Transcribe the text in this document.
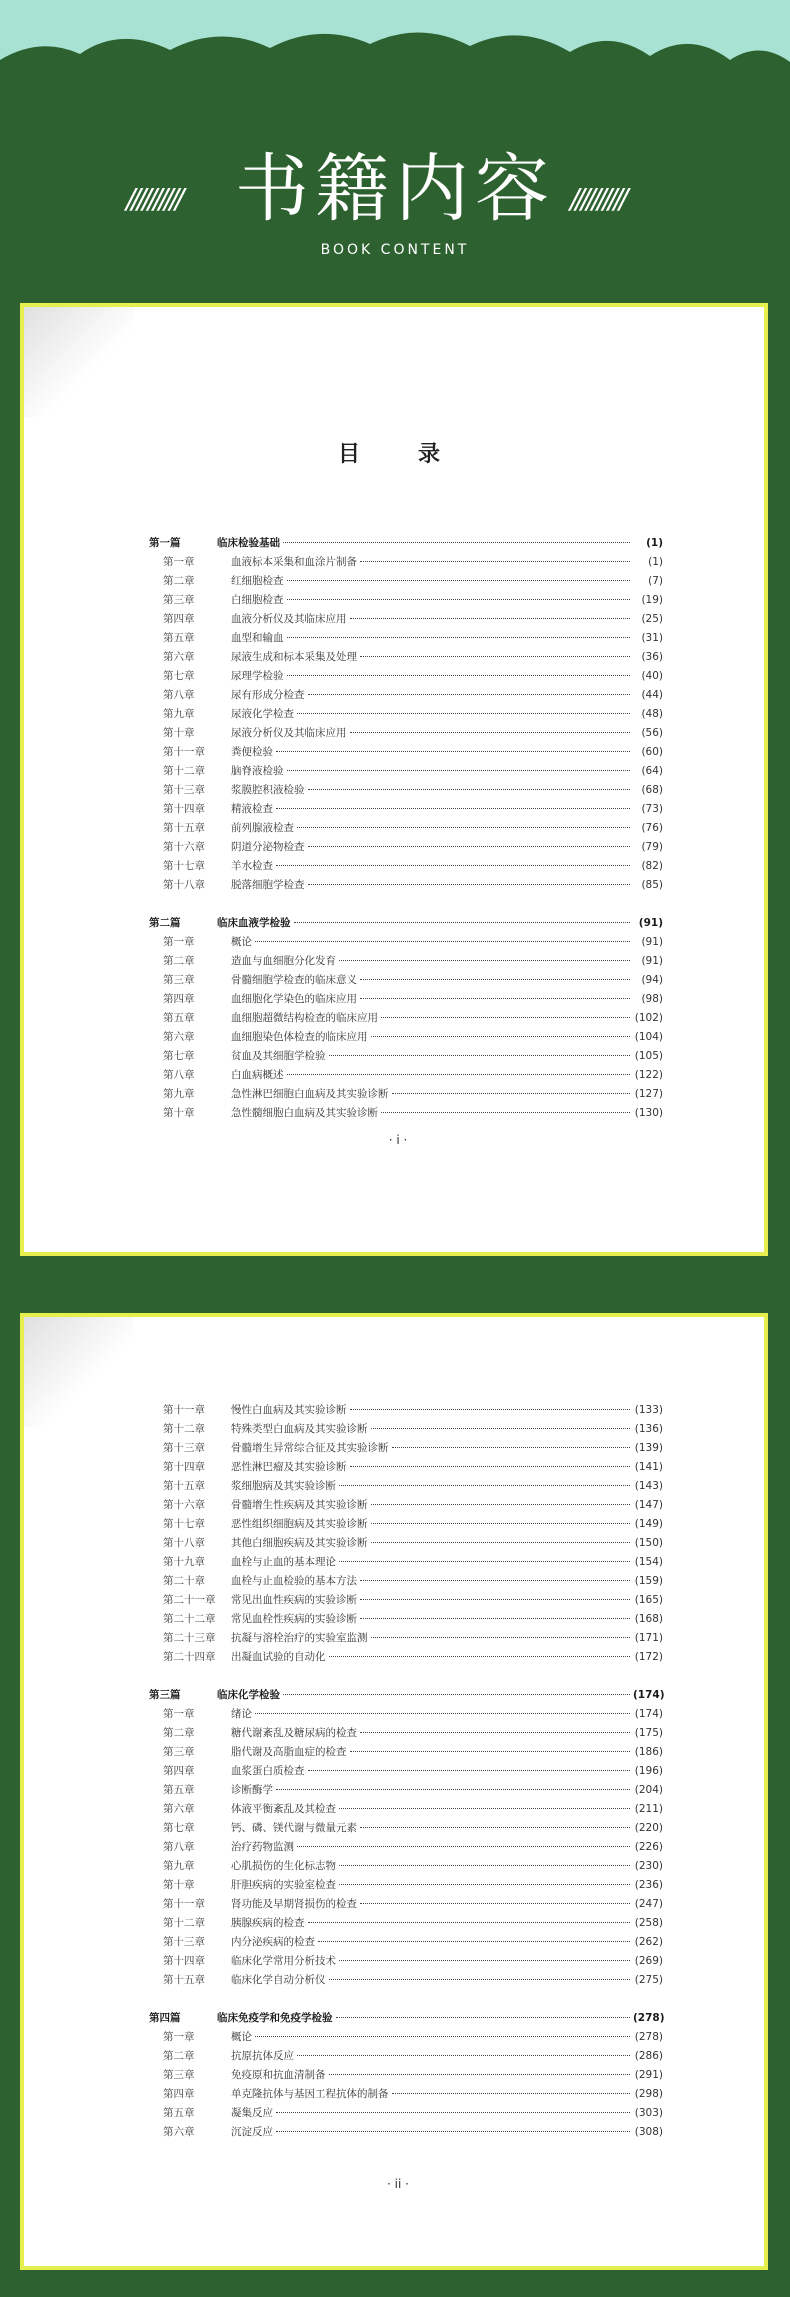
////////// 书籍内容 //////////
BOOK CONTENT
目　录
第一篇	临床检验基础	(1)
第一章	血液标本采集和血涂片制备	(1)
第二章	红细胞检查	(7)
第三章	白细胞检查	(19)
第四章	血液分析仪及其临床应用	(25)
第五章	血型和输血	(31)
第六章	尿液生成和标本采集及处理	(36)
第七章	尿理学检验	(40)
第八章	尿有形成分检查	(44)
第九章	尿液化学检查	(48)
第十章	尿液分析仪及其临床应用	(56)
第十一章	粪便检验	(60)
第十二章	脑脊液检验	(64)
第十三章	浆膜腔积液检验	(68)
第十四章	精液检查	(73)
第十五章	前列腺液检查	(76)
第十六章	阴道分泌物检查	(79)
第十七章	羊水检查	(82)
第十八章	脱落细胞学检查	(85)
第二篇	临床血液学检验	(91)
第一章	概论	(91)
第二章	造血与血细胞分化发育	(91)
第三章	骨髓细胞学检查的临床意义	(94)
第四章	血细胞化学染色的临床应用	(98)
第五章	血细胞超微结构检查的临床应用	(102)
第六章	血细胞染色体检查的临床应用	(104)
第七章	贫血及其细胞学检验	(105)
第八章	白血病概述	(122)
第九章	急性淋巴细胞白血病及其实验诊断	(127)
第十章	急性髓细胞白血病及其实验诊断	(130)
· i ·
第十一章	慢性白血病及其实验诊断	(133)
第十二章	特殊类型白血病及其实验诊断	(136)
第十三章	骨髓增生异常综合征及其实验诊断	(139)
第十四章	恶性淋巴瘤及其实验诊断	(141)
第十五章	浆细胞病及其实验诊断	(143)
第十六章	骨髓增生性疾病及其实验诊断	(147)
第十七章	恶性组织细胞病及其实验诊断	(149)
第十八章	其他白细胞疾病及其实验诊断	(150)
第十九章	血栓与止血的基本理论	(154)
第二十章	血栓与止血检验的基本方法	(159)
第二十一章	常见出血性疾病的实验诊断	(165)
第二十二章	常见血栓性疾病的实验诊断	(168)
第二十三章	抗凝与溶栓治疗的实验室监测	(171)
第二十四章	出凝血试验的自动化	(172)
第三篇	临床化学检验	(174)
第一章	绪论	(174)
第二章	糖代谢紊乱及糖尿病的检查	(175)
第三章	脂代谢及高脂血症的检查	(186)
第四章	血浆蛋白质检查	(196)
第五章	诊断酶学	(204)
第六章	体液平衡紊乱及其检查	(211)
第七章	钙、磷、镁代谢与微量元素	(220)
第八章	治疗药物监测	(226)
第九章	心肌损伤的生化标志物	(230)
第十章	肝胆疾病的实验室检查	(236)
第十一章	肾功能及早期肾损伤的检查	(247)
第十二章	胰腺疾病的检查	(258)
第十三章	内分泌疾病的检查	(262)
第十四章	临床化学常用分析技术	(269)
第十五章	临床化学自动分析仪	(275)
第四篇	临床免疫学和免疫学检验	(278)
第一章	概论	(278)
第二章	抗原抗体反应	(286)
第三章	免疫原和抗血清制备	(291)
第四章	单克隆抗体与基因工程抗体的制备	(298)
第五章	凝集反应	(303)
第六章	沉淀反应	(308)
· ii ·
